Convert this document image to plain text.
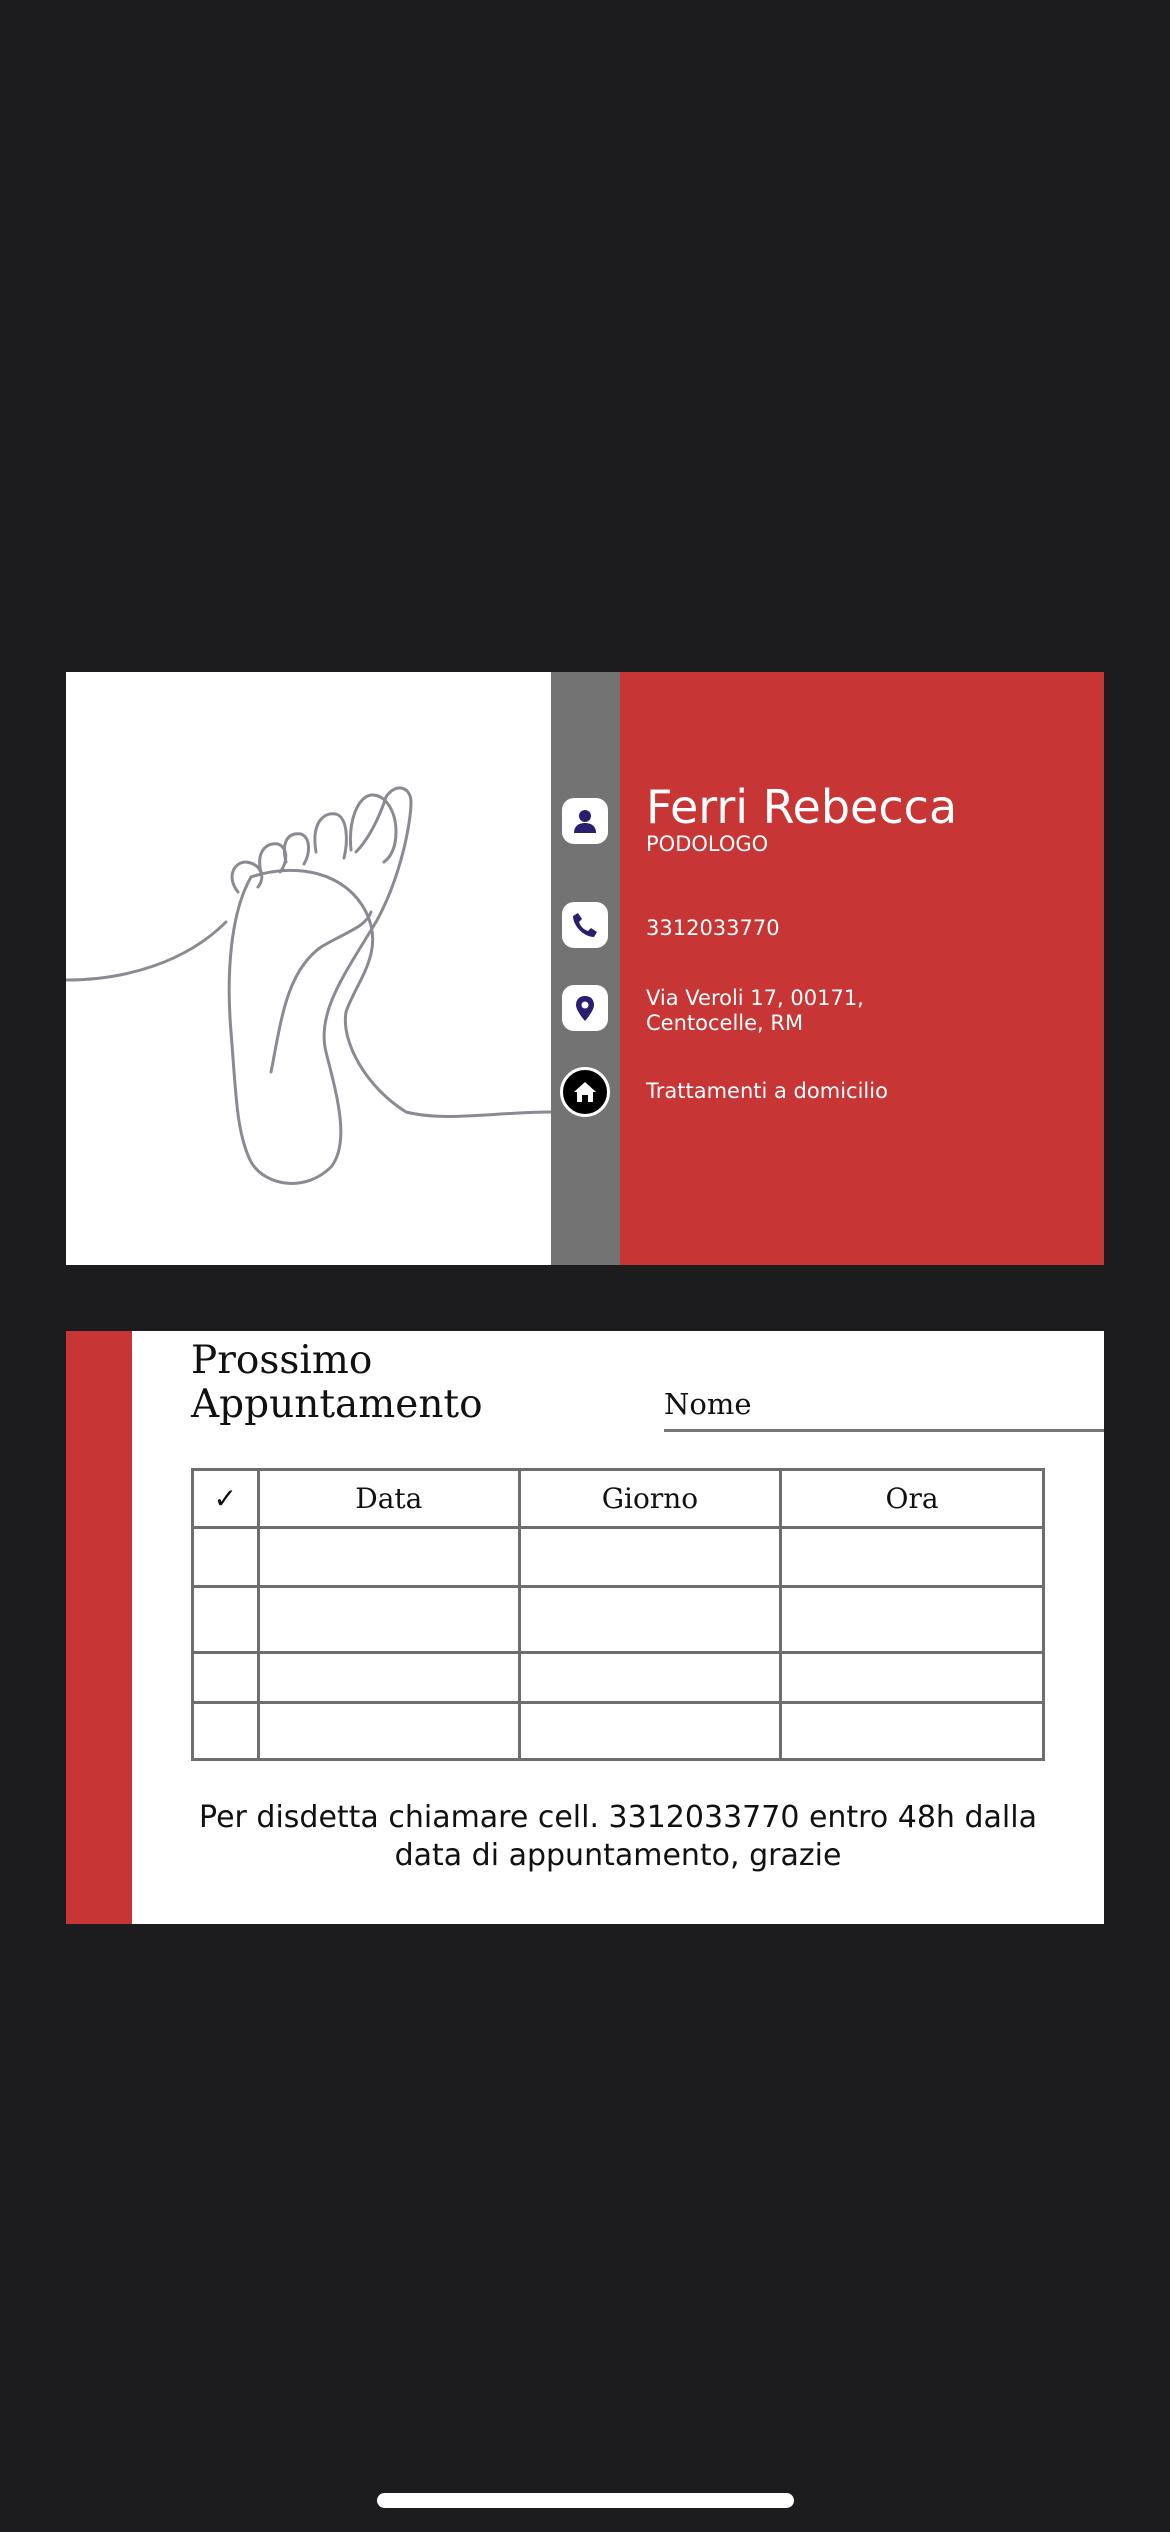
Ferri Rebecca
PODOLOGO
3312033770
Via Veroli 17, 00171,
Centocelle, RM
Trattamenti a domicilio
Prossimo
Appuntamento	Nome
✓	Data	Giorno	Ora

Per disdetta chiamare cell. 3312033770 entro 48h dalla data di appuntamento, grazie
